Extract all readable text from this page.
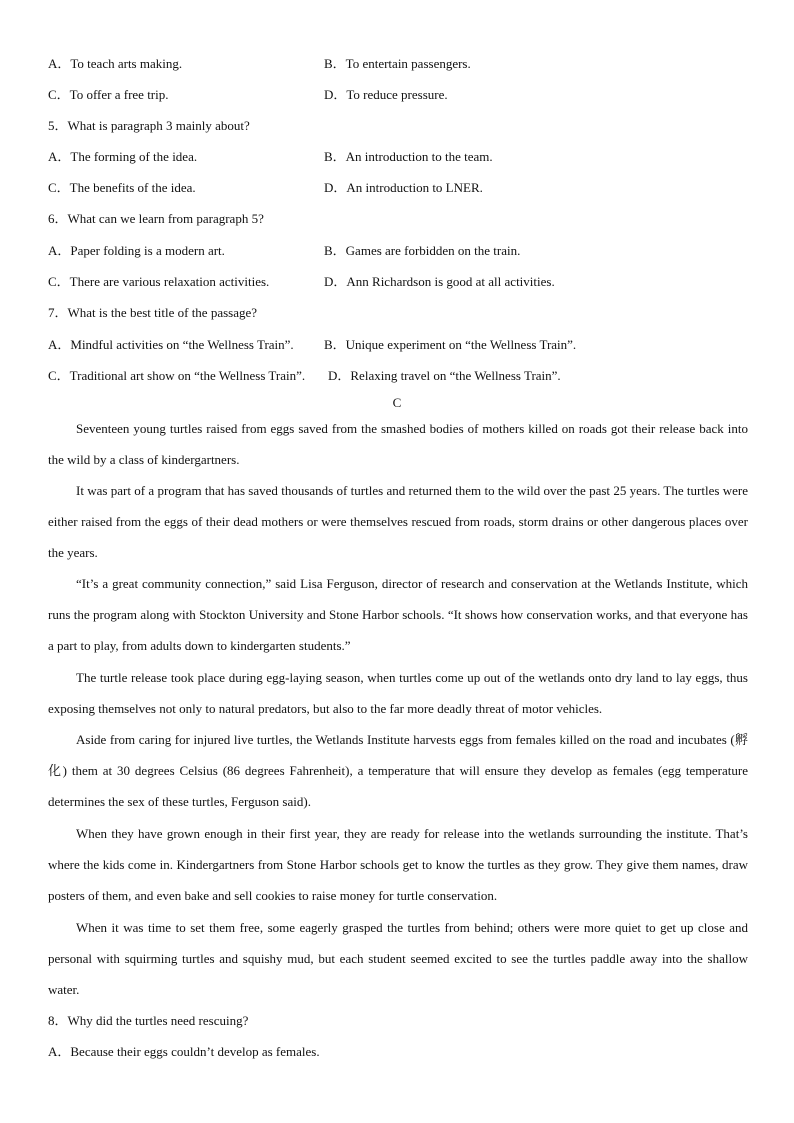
A．To teach arts making.	B．To entertain passengers.
C．To offer a free trip.	D．To reduce pressure.
5．What is paragraph 3 mainly about?
A．The forming of the idea.	B．An introduction to the team.
C．The benefits of the idea.	D．An introduction to LNER.
6．What can we learn from paragraph 5?
A．Paper folding is a modern art.	B．Games are forbidden on the train.
C．There are various relaxation activities.	D．Ann Richardson is good at all activities.
7．What is the best title of the passage?
A．Mindful activities on “the Wellness Train”. B．Unique experiment on “the Wellness Train”.
C．Traditional art show on “the Wellness Train”. D．Relaxing travel on “the Wellness Train”.
C
Seventeen young turtles raised from eggs saved from the smashed bodies of mothers killed on roads got their release back into the wild by a class of kindergartners.
It was part of a program that has saved thousands of turtles and returned them to the wild over the past 25 years. The turtles were either raised from the eggs of their dead mothers or were themselves rescued from roads, storm drains or other dangerous places over the years.
“It’s a great community connection,” said Lisa Ferguson, director of research and conservation at the Wetlands Institute, which runs the program along with Stockton University and Stone Harbor schools. “It shows how conservation works, and that everyone has a part to play, from adults down to kindergarten students.”
The turtle release took place during egg-laying season, when turtles come up out of the wetlands onto dry land to lay eggs, thus exposing themselves not only to natural predators, but also to the far more deadly threat of motor vehicles.
Aside from caring for injured live turtles, the Wetlands Institute harvests eggs from females killed on the road and incubates (孵化) them at 30 degrees Celsius (86 degrees Fahrenheit), a temperature that will ensure they develop as females (egg temperature determines the sex of these turtles, Ferguson said).
When they have grown enough in their first year, they are ready for release into the wetlands surrounding the institute. That’s where the kids come in. Kindergartners from Stone Harbor schools get to know the turtles as they grow. They give them names, draw posters of them, and even bake and sell cookies to raise money for turtle conservation.
When it was time to set them free, some eagerly grasped the turtles from behind; others were more quiet to get up close and personal with squirming turtles and squishy mud, but each student seemed excited to see the turtles paddle away into the shallow water.
8．Why did the turtles need rescuing?
A．Because their eggs couldn’t develop as females.
